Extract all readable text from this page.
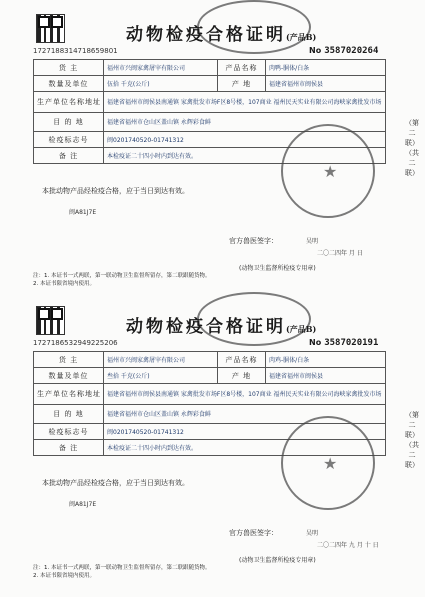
1727188314718659801
动物检疫合格证明(产品B)
No 3587020264
货 主	福州市兴闽家禽屠宰有限公司	产品名称	肉鸭-胴体/白条
数量及单位	伍拾 千克(公斤)	产 地	福建省福州市闽侯县
生产单位名称地址	福建省福州市闽侯县南通镇 家禽批发市场F区8号楼，107商业 福州民天实业有限公司海峡家禽批发市场		
目 的 地	福建省福州市仓山区盖山镇 永辉彩食鲜		
检疫标志号	闽0201740520-01741312		
备 注	本检疫证二十四小时内到达有效。		
本批动物产品经检疫合格，应于当日到达有效。
闽A81J7E
★
官方兽医签字：	吴明
二〇二四年 月 日
(动物卫生监督所检疫专用章)
注：1. 本证书一式两联，第一联动物卫生监督所留存，第二联跟随货物。
2. 本证书限省境内使用。
（第二联）（共二联）
1727186532949225206
动物检疫合格证明(产品B)
No 3587020191
货 主	福州市兴闽家禽屠宰有限公司	产品名称	肉鸡-胴体/白条
数量及单位	叁拾 千克(公斤)	产 地	福建省福州市闽侯县
生产单位名称地址	福建省福州市闽侯县南通镇 家禽批发市场F区8号楼，107商业 福州民天实业有限公司海峡家禽批发市场		
目 的 地	福建省福州市仓山区盖山镇 永辉彩食鲜		
检疫标志号	闽0201740520-01741312		
备 注	本检疫证二十四小时内到达有效。		
本批动物产品经检疫合格，应于当日到达有效。
闽A81J7E
★
官方兽医签字：	吴明
二〇二四年 九 月 十 日
(动物卫生监督所检疫专用章)
注：1. 本证书一式两联，第一联动物卫生监督所留存，第二联跟随货物。
2. 本证书限省境内使用。
（第二联）（共二联）
